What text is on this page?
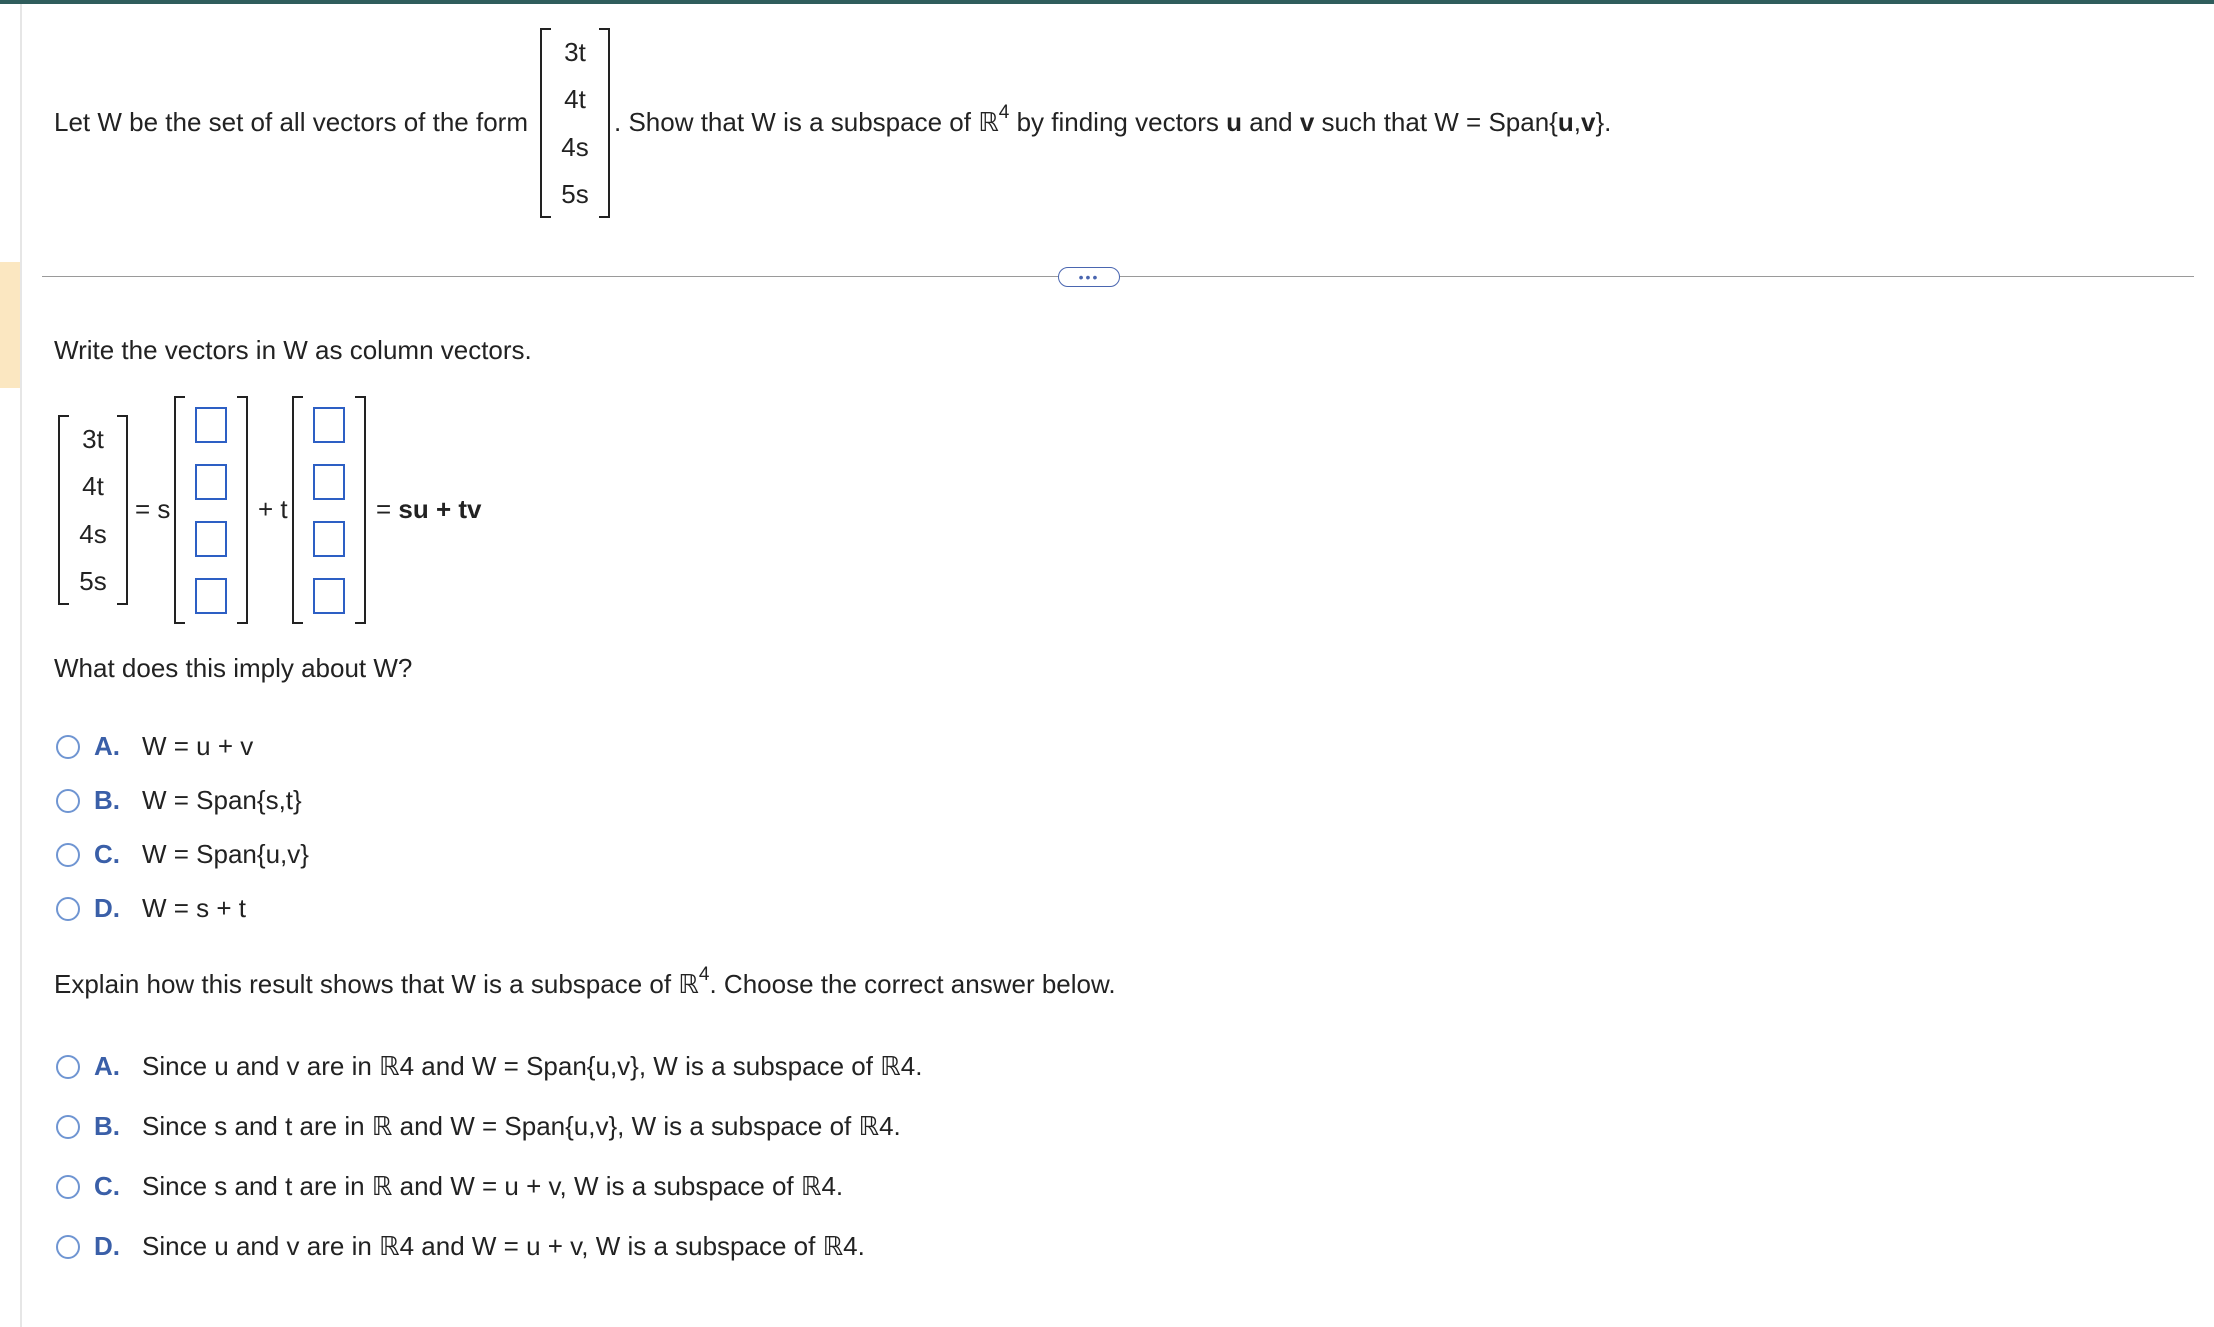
Let W be the set of all vectors of the form
3t
4t
4s
5s
. Show that W is a subspace of ℝ$^4$ by finding vectors u and v such that W = Span{u,v}.
•••
Write the vectors in W as column vectors.
3t
4t
4s
5s
= s	+ t	= su + tv
What does this imply about W?
A. W = u + v
B. W = Span{s,t}
C. W = Span{u,v}
D. W = s + t
Explain how this result shows that W is a subspace of ℝ$^4$. Choose the correct answer below.
A. Since u and v are in ℝ4 and W = Span{u,v}, W is a subspace of ℝ4.
B. Since s and t are in ℝ and W = Span{u,v}, W is a subspace of ℝ4.
C. Since s and t are in ℝ and W = u + v, W is a subspace of ℝ4.
D. Since u and v are in ℝ4 and W = u + v, W is a subspace of ℝ4.
